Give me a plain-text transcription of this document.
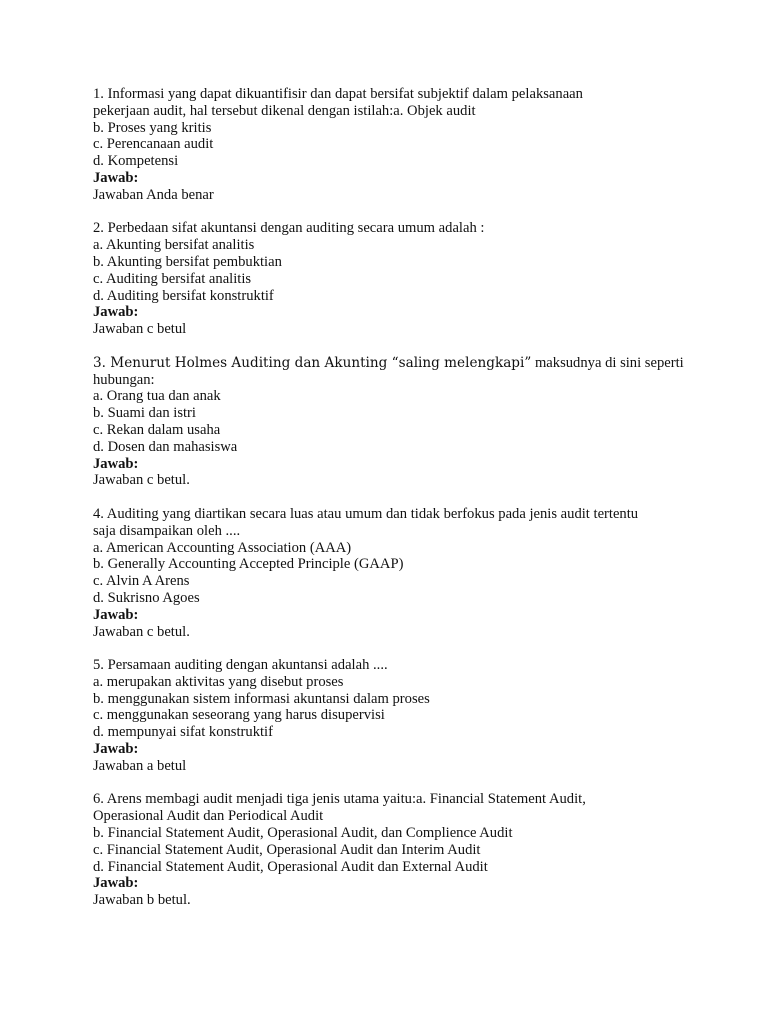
1. Informasi yang dapat dikuantifisir dan dapat bersifat subjektif dalam pelaksanaan
pekerjaan audit, hal tersebut dikenal dengan istilah:a. Objek audit
b. Proses yang kritis
c. Perencanaan audit
d. Kompetensi
Jawab:
Jawaban Anda benar
2. Perbedaan sifat akuntansi dengan auditing secara umum adalah :
a. Akunting bersifat analitis
b. Akunting bersifat pembuktian
c. Auditing bersifat analitis
d. Auditing bersifat konstruktif
Jawab:
Jawaban c betul
3. Menurut Holmes Auditing dan Akunting “saling melengkapi” maksudnya di sini seperti
hubungan:
a. Orang tua dan anak
b. Suami dan istri
c. Rekan dalam usaha
d. Dosen dan mahasiswa
Jawab:
Jawaban c betul.
4. Auditing yang diartikan secara luas atau umum dan tidak berfokus pada jenis audit tertentu
saja disampaikan oleh ....
a. American Accounting Association (AAA)
b. Generally Accounting Accepted Principle (GAAP)
c. Alvin A Arens
d. Sukrisno Agoes
Jawab:
Jawaban c betul.
5. Persamaan auditing dengan akuntansi adalah ....
a. merupakan aktivitas yang disebut proses
b. menggunakan sistem informasi akuntansi dalam proses
c. menggunakan seseorang yang harus disupervisi
d. mempunyai sifat konstruktif
Jawab:
Jawaban a betul
6. Arens membagi audit menjadi tiga jenis utama yaitu:a. Financial Statement Audit,
Operasional Audit dan Periodical Audit
b. Financial Statement Audit, Operasional Audit, dan Complience Audit
c. Financial Statement Audit, Operasional Audit dan Interim Audit
d. Financial Statement Audit, Operasional Audit dan External Audit
Jawab:
Jawaban b betul.
